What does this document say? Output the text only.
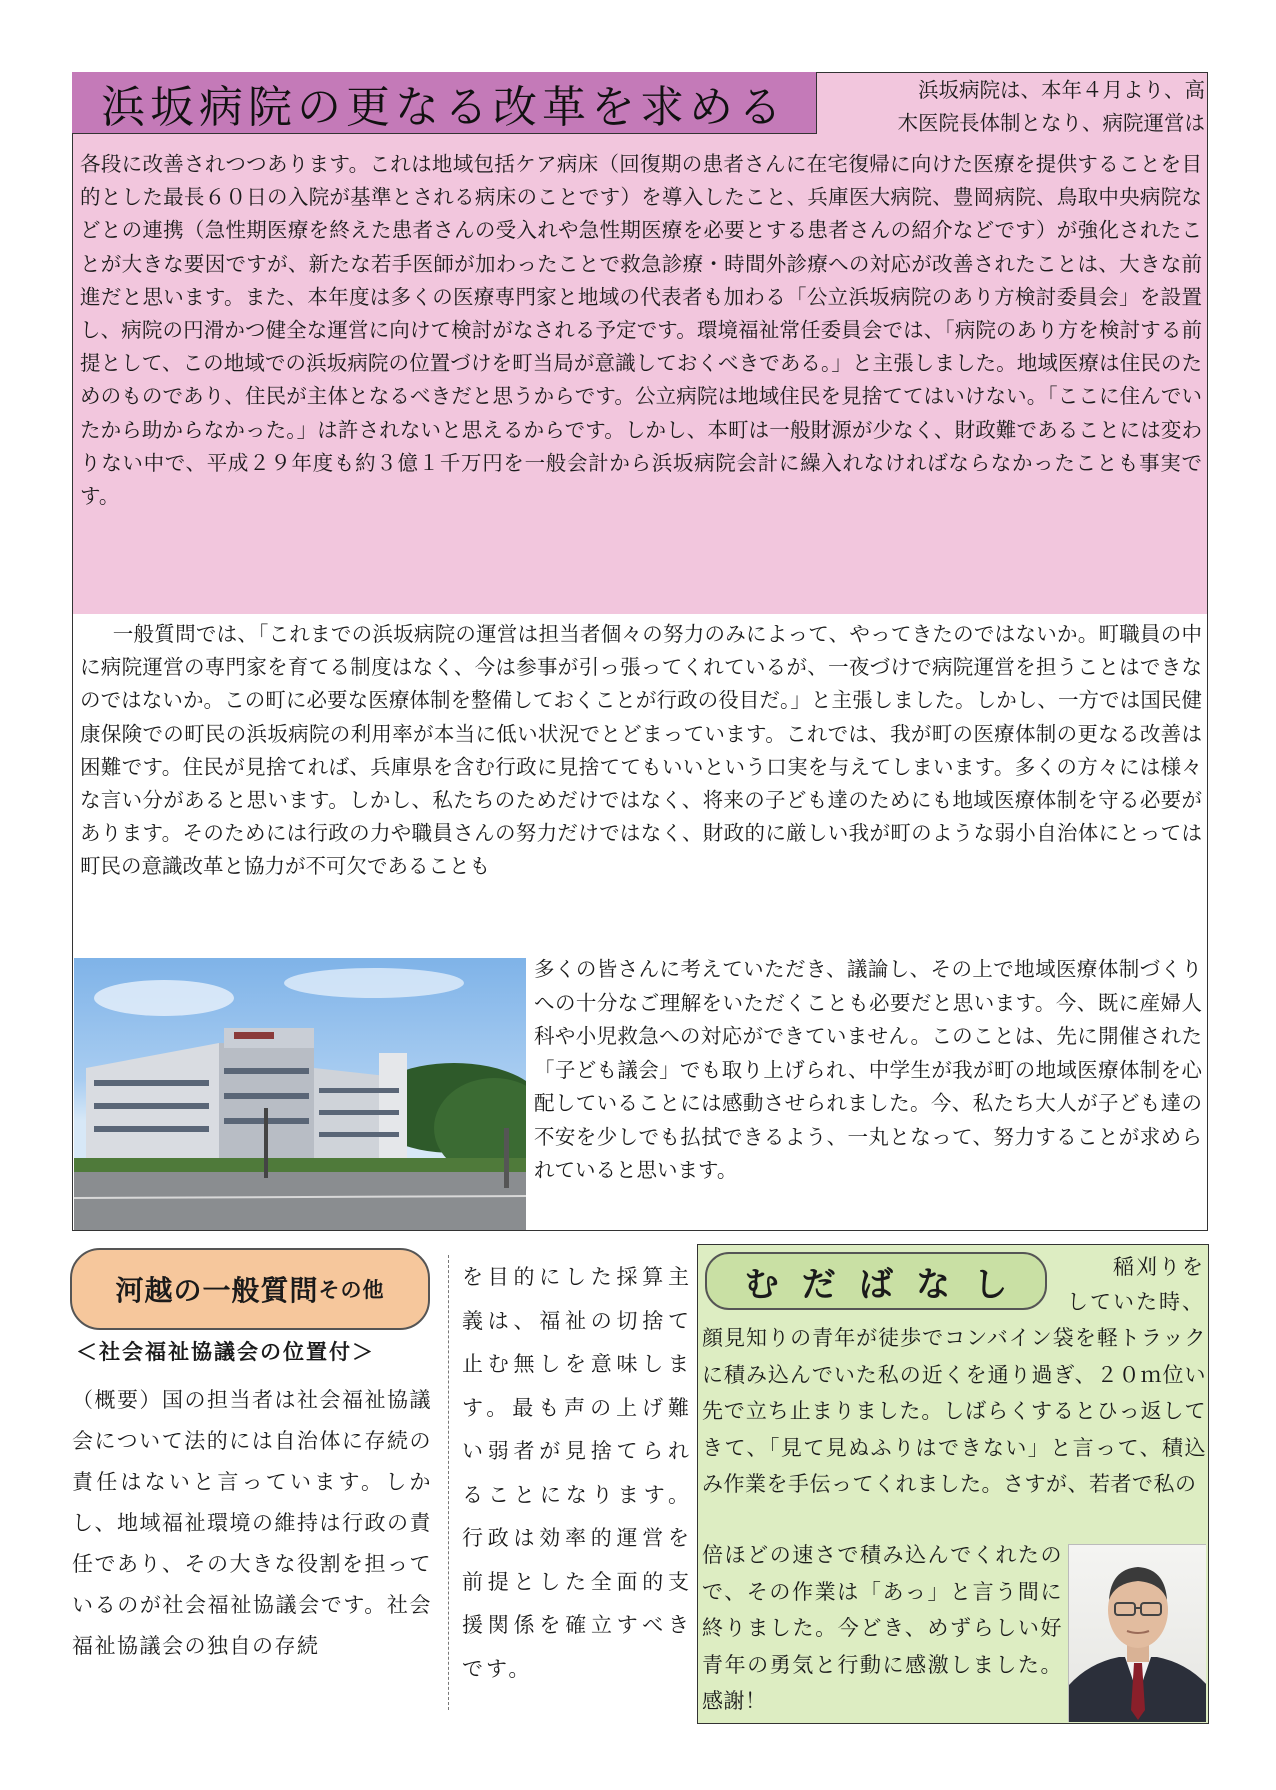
浜坂病院の更なる改革を求める	浜坂病院は、本年４月より、高
木医院長体制となり、病院運営は
各段に改善されつつあります。これは地域包括ケア病床（回復期の患者さんに在宅復帰に向けた医療を提供することを目的とした最長６０日の入院が基準とされる病床のことです）を導入したこと、兵庫医大病院、豊岡病院、鳥取中央病院などとの連携（急性期医療を終えた患者さんの受入れや急性期医療を必要とする患者さんの紹介などです）が強化されたことが大きな要因ですが、新たな若手医師が加わったことで救急診療・時間外診療への対応が改善されたことは、大きな前進だと思います。また、本年度は多くの医療専門家と地域の代表者も加わる「公立浜坂病院のあり方検討委員会」を設置し、病院の円滑かつ健全な運営に向けて検討がなされる予定です。環境福祉常任委員会では、「病院のあり方を検討する前提として、この地域での浜坂病院の位置づけを町当局が意識しておくべきである。」と主張しました。地域医療は住民のためのものであり、住民が主体となるべきだと思うからです。公立病院は地域住民を見捨ててはいけない。「ここに住んでいたから助からなかった。」は許されないと思えるからです。しかし、本町は一般財源が少なく、財政難であることには変わりない中で、平成２９年度も約３億１千万円を一般会計から浜坂病院会計に繰入れなければならなかったことも事実です。
一般質問では、「これまでの浜坂病院の運営は担当者個々の努力のみによって、やってきたのではないか。町職員の中に病院運営の専門家を育てる制度はなく、今は参事が引っ張ってくれているが、一夜づけで病院運営を担うことはできなのではないか。この町に必要な医療体制を整備しておくことが行政の役目だ。」と主張しました。しかし、一方では国民健康保険での町民の浜坂病院の利用率が本当に低い状況でとどまっています。これでは、我が町の医療体制の更なる改善は困難です。住民が見捨てれば、兵庫県を含む行政に見捨ててもいいという口実を与えてしまいます。多くの方々には様々な言い分があると思います。しかし、私たちのためだけではなく、将来の子ども達のためにも地域医療体制を守る必要があります。そのためには行政の力や職員さんの努力だけではなく、財政的に厳しい我が町のような弱小自治体にとっては町民の意識改革と協力が不可欠であることも
多くの皆さんに考えていただき、議論し、その上で地域医療体制づくりへの十分なご理解をいただくことも必要だと思います。今、既に産婦人科や小児救急への対応ができていません。このことは、先に開催された「子ども議会」でも取り上げられ、中学生が我が町の地域医療体制を心配していることには感動させられました。今、私たち大人が子ども達の不安を少しでも払拭できるよう、一丸となって、努力することが求められていると思います。
河越の一般質問 その他
＜社会福祉協議会の位置付＞
（概要）国の担当者は社会福祉協議会について法的には自治体に存続の責任はないと言っています。しかし、地域福祉環境の維持は行政の責任であり、その大きな役割を担っているのが社会福祉協議会です。社会福祉協議会の独自の存続
を目的にした採算主義は、福祉の切捨て止む無しを意味します。最も声の上げ難い弱者が見捨てられることになります。行政は効率的運営を前提とした全面的支援関係を確立すべきです。
む だ ば な し	稲刈りを
していた時、
顔見知りの青年が徒歩でコンバイン袋を軽トラックに積み込んでいた私の近くを通り過ぎ、２０ｍ位い先で立ち止まりました。しばらくするとひっ返してきて、「見て見ぬふりはできない」と言って、積込み作業を手伝ってくれました。さすが、若者で私の
倍ほどの速さで積み込んでくれたので、その作業は「あっ」と言う間に終りました。今どき、めずらしい好青年の勇気と行動に感激しました。感謝！
